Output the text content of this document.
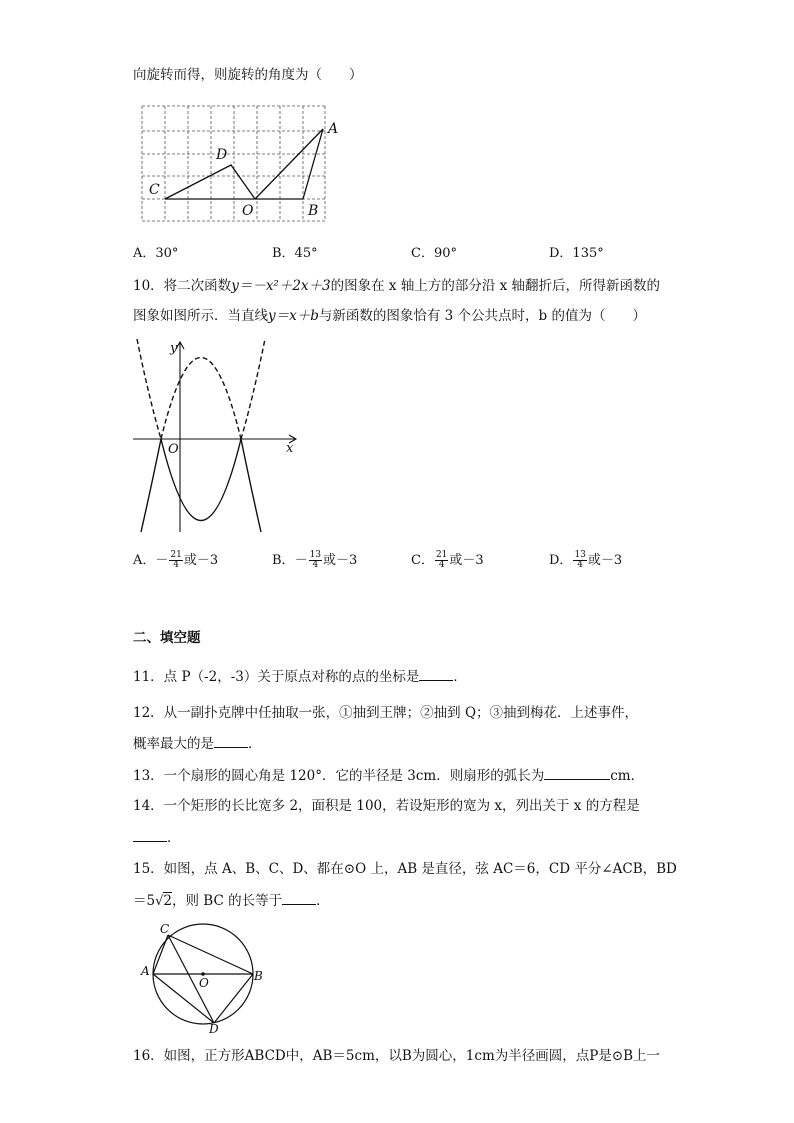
向旋转而得，则旋转的角度为（　　）
C
D
O	B
A
A．30°	B．45°	C．90°	D．135°
10．将二次函数y＝－x²＋2x＋3的图象在 x 轴上方的部分沿 x 轴翻折后，所得新函数的
图象如图所示．当直线y＝x＋b与新函数的图象恰有 3 个公共点时，b 的值为（　　）
y
x
O
A．－ $\frac{21}{4}$ 或－3	B．－ $\frac{13}{4}$ 或－3	C． $\frac{21}{4}$ 或－3	D． $\frac{13}{4}$ 或－3
二、填空题
11．点 P（-2，-3）关于原点对称的点的坐标是	．
12．从一副扑克牌中任抽取一张，①抽到王牌；②抽到 Q；③抽到梅花．上述事件，
概率最大的是	．
13．一个扇形的圆心角是 120°．它的半径是 3cm．则扇形的弧长为	cm．
14．一个矩形的长比宽多 2，面积是 100，若设矩形的宽为 x，列出关于 x 的方程是
．
15．如图，点 A、B、C、D、都在⊙O 上，AB 是直径，弦 AC＝6，CD 平分∠ACB，BD
＝5√2，则 BC 的长等于	．
C
A
O	B
D
16．如图，正方形ABCD中，AB＝5cm，以B为圆心，1cm为半径画圆，点P是⊙B上一
